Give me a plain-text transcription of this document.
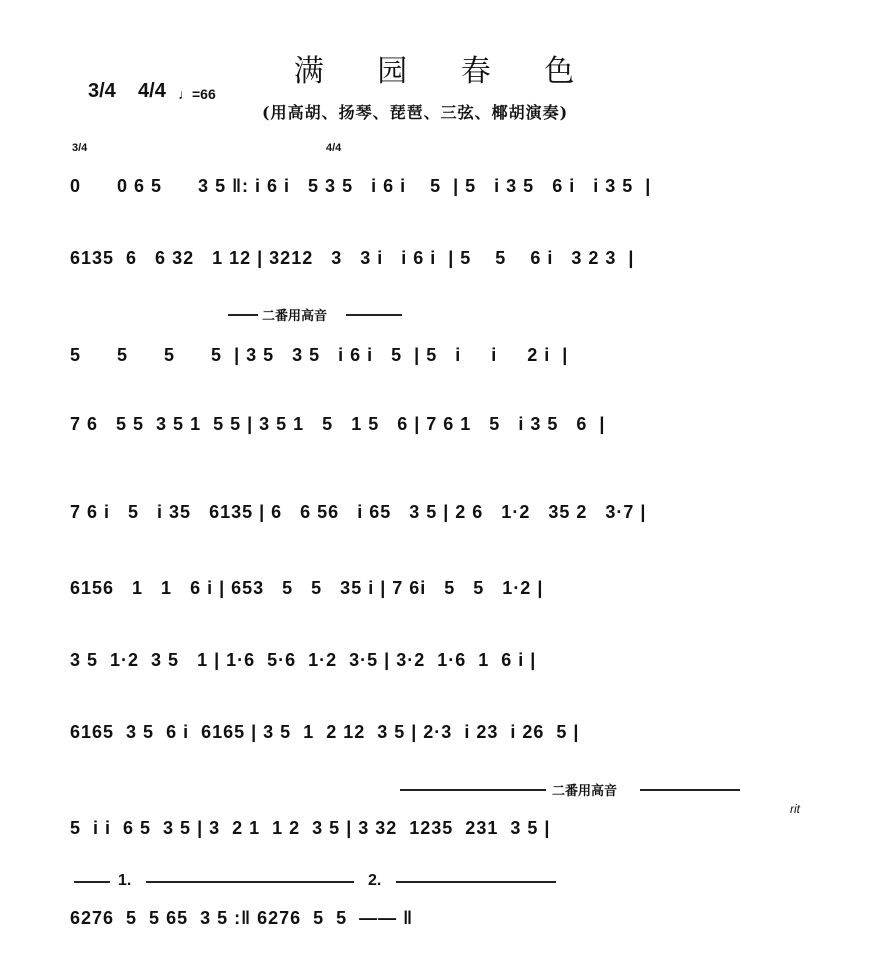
满 园 春 色
3/4 4/4 ♩=66
(用高胡、扬琴、琵琶、三弦、椰胡演奏)
3/4	4/4
二番用高音
二番用高音
rit
1.	2.
0      0 6 5      3 5 ‖: i 6 i   5 3 5   i 6 i    5  | 5   i 3 5   6 i   i 3 5  |
6135  6   6 32   1 12 | 3212   3   3 i   i 6 i  | 5    5    6 i   3 2 3  |
5      5      5      5  | 3 5   3 5   i 6 i   5  | 5   i     i     2 i  |
7 6   5 5  3 5 1  5 5 | 3 5 1   5   1 5   6 | 7 6 1   5   i 3 5   6  |
7 6 i   5   i 35   6135 | 6   6 56   i 65   3 5 | 2 6   1·2   35 2   3·7 |
6156   1   1   6 i | 653   5   5   35 i | 7 6i   5   5   1·2 |
3 5  1·2  3 5   1 | 1·6  5·6  1·2  3·5 | 3·2  1·6  1  6 i |
6165  3 5  6 i  6165 | 3 5  1  2 12  3 5 | 2·3  i 23  i 26  5 |
5  i i  6 5  3 5 | 3  2 1  1 2  3 5 | 3 32  1235  231  3 5 |
6276  5  5 65  3 5 :‖ 6276  5  5  —— ‖
